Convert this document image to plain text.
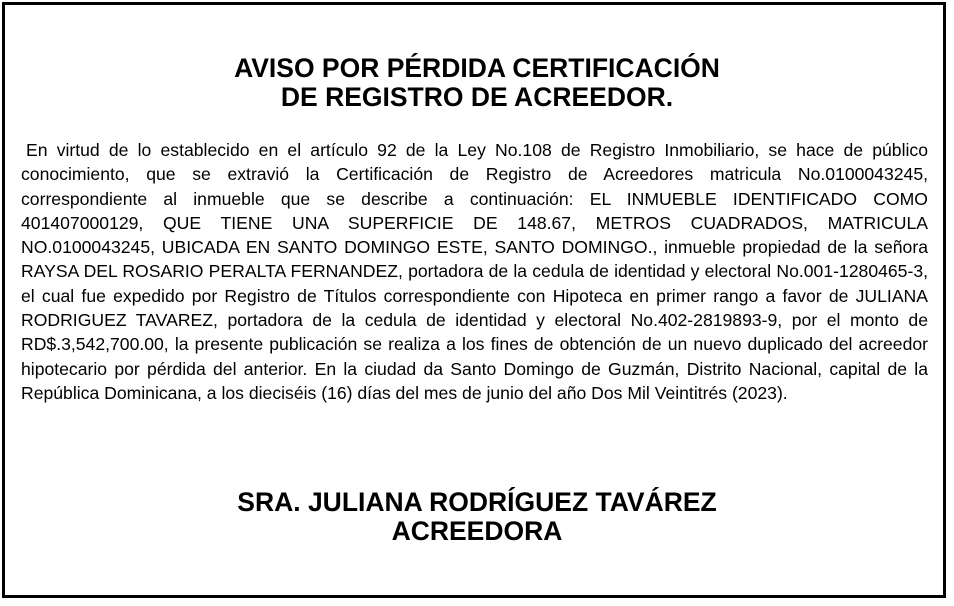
AVISO POR PÉRDIDA CERTIFICACIÓN
DE REGISTRO DE ACREEDOR.

En virtud de lo establecido en el artículo 92 de la Ley No.108 de Registro Inmobiliario, se hace de público conocimiento, que se extravió la Certificación de Registro de Acreedores matricula No.0100043245, correspondiente al inmueble que se describe a continuación: EL INMUEBLE IDENTIFICADO COMO 401407000129, QUE TIENE UNA SUPERFICIE DE 148.67, METROS CUADRADOS, MATRICULA NO.0100043245, UBICADA EN SANTO DOMINGO ESTE, SANTO DOMINGO., inmueble propiedad de la señora RAYSA DEL ROSARIO PERALTA FERNANDEZ, portadora de la cedula de identidad y electoral No.001-1280465-3, el cual fue expedido por Registro de Títulos correspondiente con Hipoteca en primer rango a favor de JULIANA RODRIGUEZ TAVAREZ, portadora de la cedula de identidad y electoral No.402-2819893-9, por el monto de RD$.3,542,700.00, la presente publicación se realiza a los fines de obtención de un nuevo duplicado del acreedor hipotecario por pérdida del anterior. En la ciudad da Santo Domingo de Guzmán, Distrito Nacional, capital de la República Dominicana, a los dieciséis (16) días del mes de junio del año Dos Mil Veintitrés (2023).

SRA. JULIANA RODRÍGUEZ TAVÁREZ
ACREEDORA
